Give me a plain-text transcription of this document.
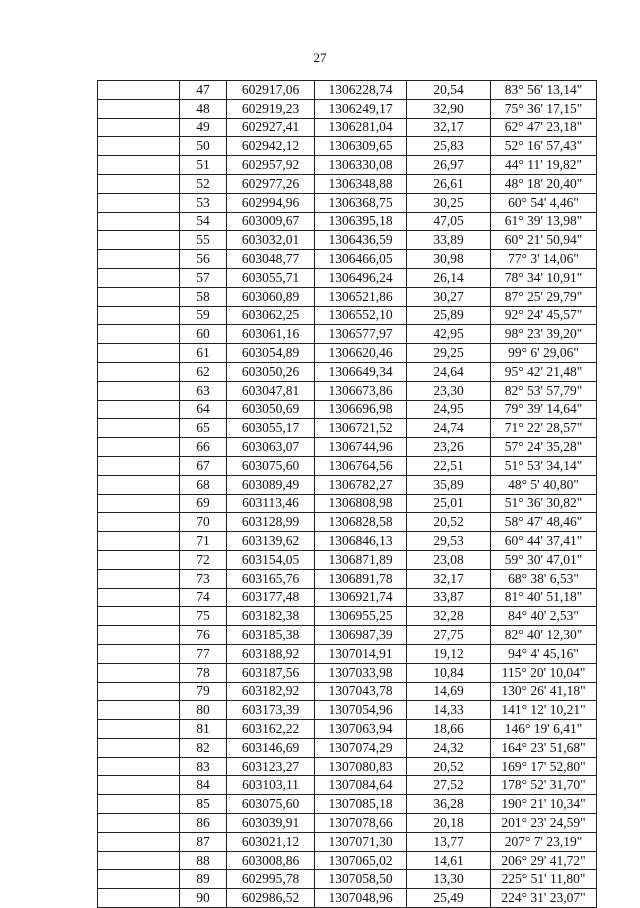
27
	47	602917,06	1306228,74	20,54	83° 56' 13,14"
	48	602919,23	1306249,17	32,90	75° 36' 17,15"
	49	602927,41	1306281,04	32,17	62° 47' 23,18"
	50	602942,12	1306309,65	25,83	52° 16' 57,43"
	51	602957,92	1306330,08	26,97	44° 11' 19,82"
	52	602977,26	1306348,88	26,61	48° 18' 20,40"
	53	602994,96	1306368,75	30,25	60° 54' 4,46"
	54	603009,67	1306395,18	47,05	61° 39' 13,98"
	55	603032,01	1306436,59	33,89	60° 21' 50,94"
	56	603048,77	1306466,05	30,98	77° 3' 14,06"
	57	603055,71	1306496,24	26,14	78° 34' 10,91"
	58	603060,89	1306521,86	30,27	87° 25' 29,79"
	59	603062,25	1306552,10	25,89	92° 24' 45,57"
	60	603061,16	1306577,97	42,95	98° 23' 39,20"
	61	603054,89	1306620,46	29,25	99° 6' 29,06"
	62	603050,26	1306649,34	24,64	95° 42' 21,48"
	63	603047,81	1306673,86	23,30	82° 53' 57,79"
	64	603050,69	1306696,98	24,95	79° 39' 14,64"
	65	603055,17	1306721,52	24,74	71° 22' 28,57"
	66	603063,07	1306744,96	23,26	57° 24' 35,28"
	67	603075,60	1306764,56	22,51	51° 53' 34,14"
	68	603089,49	1306782,27	35,89	48° 5' 40,80"
	69	603113,46	1306808,98	25,01	51° 36' 30,82"
	70	603128,99	1306828,58	20,52	58° 47' 48,46"
	71	603139,62	1306846,13	29,53	60° 44' 37,41"
	72	603154,05	1306871,89	23,08	59° 30' 47,01"
	73	603165,76	1306891,78	32,17	68° 38' 6,53"
	74	603177,48	1306921,74	33,87	81° 40' 51,18"
	75	603182,38	1306955,25	32,28	84° 40' 2,53"
	76	603185,38	1306987,39	27,75	82° 40' 12,30"
	77	603188,92	1307014,91	19,12	94° 4' 45,16"
	78	603187,56	1307033,98	10,84	115° 20' 10,04"
	79	603182,92	1307043,78	14,69	130° 26' 41,18"
	80	603173,39	1307054,96	14,33	141° 12' 10,21"
	81	603162,22	1307063,94	18,66	146° 19' 6,41"
	82	603146,69	1307074,29	24,32	164° 23' 51,68"
	83	603123,27	1307080,83	20,52	169° 17' 52,80"
	84	603103,11	1307084,64	27,52	178° 52' 31,70"
	85	603075,60	1307085,18	36,28	190° 21' 10,34"
	86	603039,91	1307078,66	20,18	201° 23' 24,59"
	87	603021,12	1307071,30	13,77	207° 7' 23,19"
	88	603008,86	1307065,02	14,61	206° 29' 41,72"
	89	602995,78	1307058,50	13,30	225° 51' 11,80"
	90	602986,52	1307048,96	25,49	224° 31' 23,07"
